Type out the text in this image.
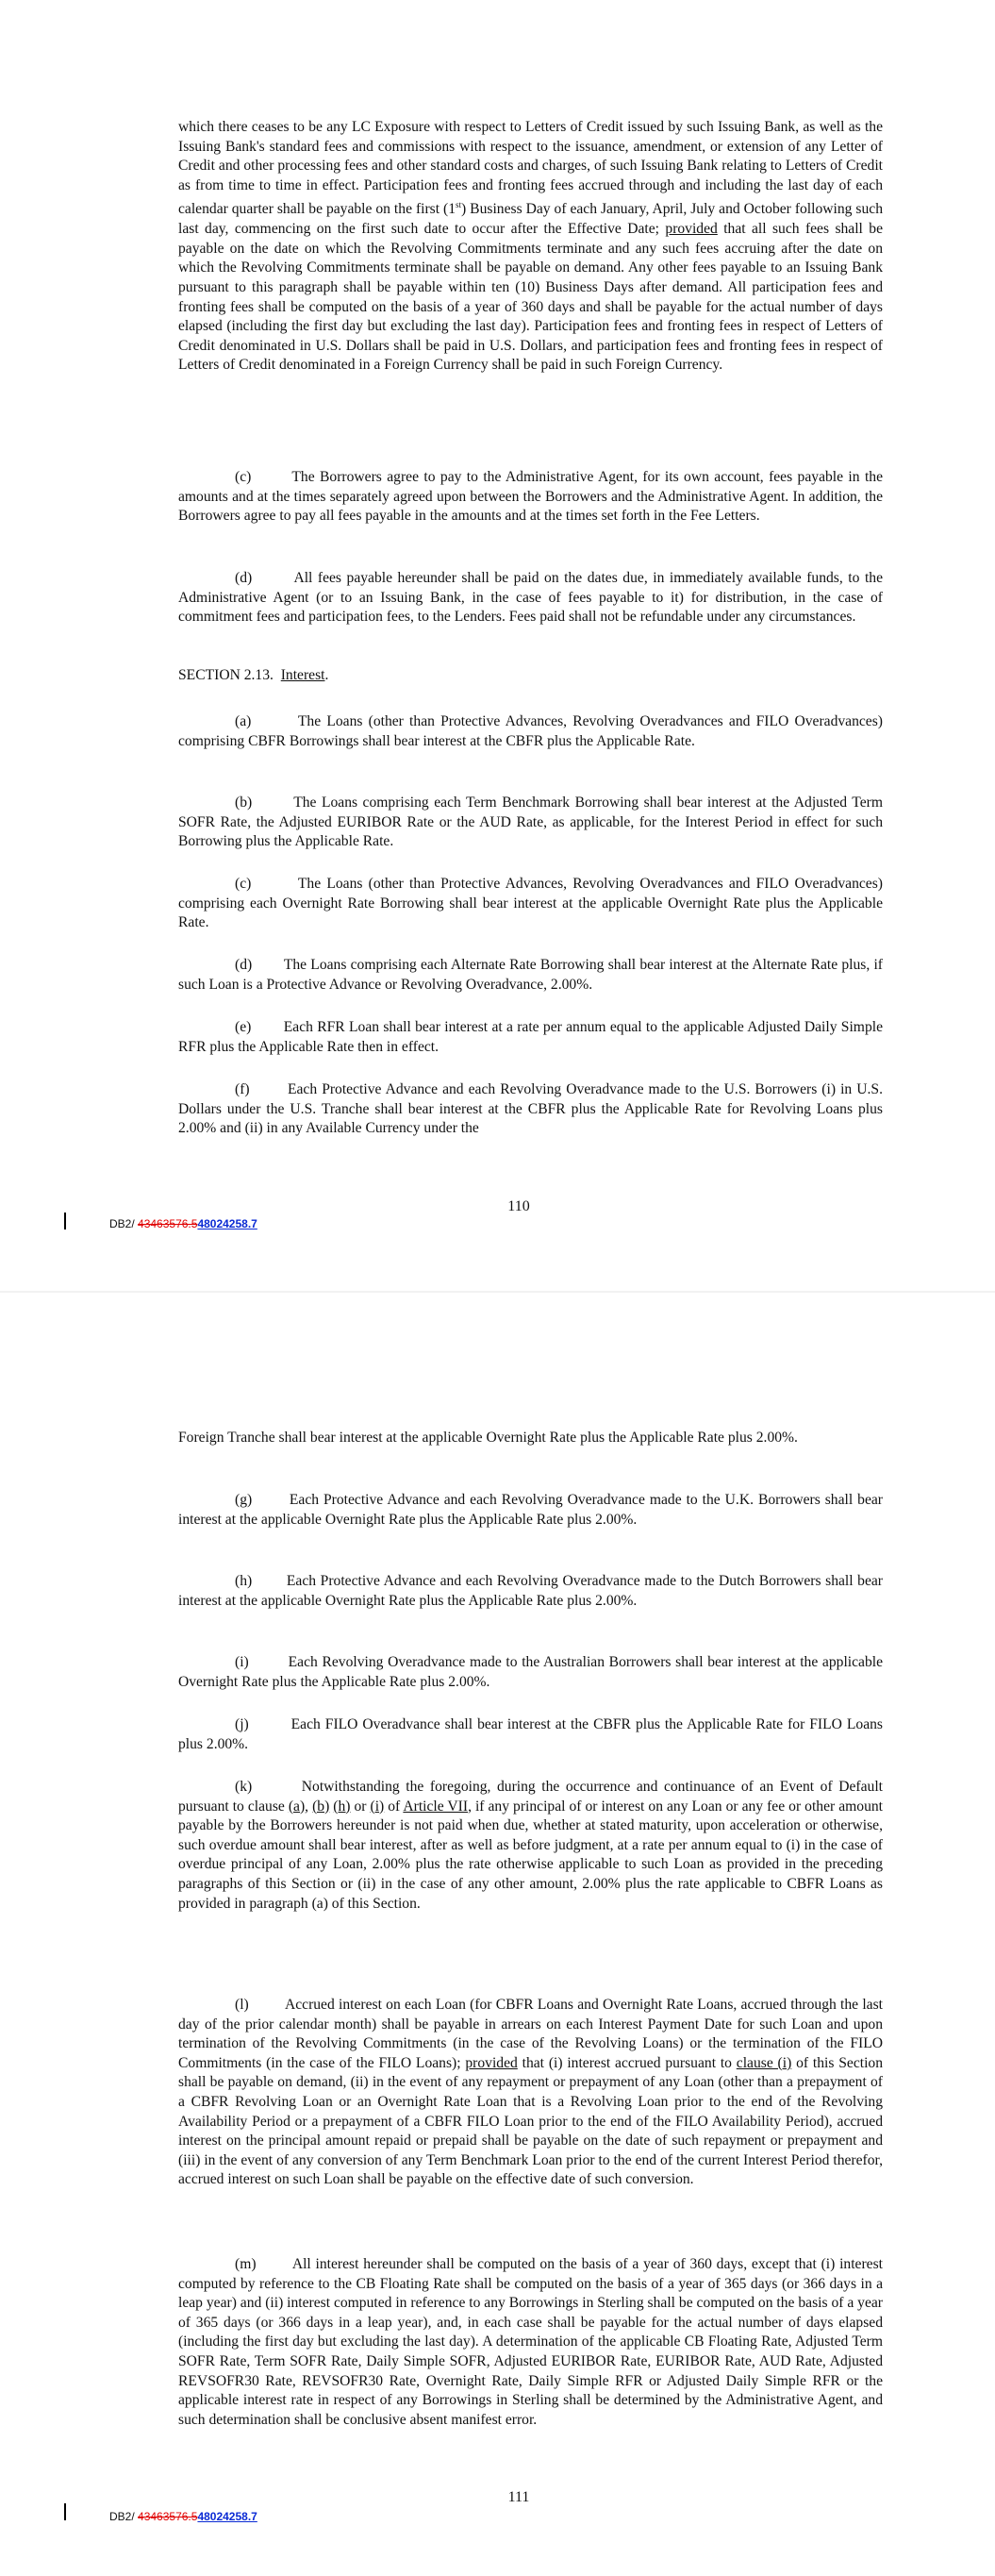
which there ceases to be any LC Exposure with respect to Letters of Credit issued by such Issuing Bank, as well as the Issuing Bank's standard fees and commissions with respect to the issuance, amendment, or extension of any Letter of Credit and other processing fees and other standard costs and charges, of such Issuing Bank relating to Letters of Credit as from time to time in effect. Participation fees and fronting fees accrued through and including the last day of each calendar quarter shall be payable on the first (1st) Business Day of each January, April, July and October following such last day, commencing on the first such date to occur after the Effective Date; provided that all such fees shall be payable on the date on which the Revolving Commitments terminate and any such fees accruing after the date on which the Revolving Commitments terminate shall be payable on demand. Any other fees payable to an Issuing Bank pursuant to this paragraph shall be payable within ten (10) Business Days after demand. All participation fees and fronting fees shall be computed on the basis of a year of 360 days and shall be payable for the actual number of days elapsed (including the first day but excluding the last day). Participation fees and fronting fees in respect of Letters of Credit denominated in U.S. Dollars shall be paid in U.S. Dollars, and participation fees and fronting fees in respect of Letters of Credit denominated in a Foreign Currency shall be paid in such Foreign Currency.

(c)        The Borrowers agree to pay to the Administrative Agent, for its own account, fees payable in the amounts and at the times separately agreed upon between the Borrowers and the Administrative Agent. In addition, the Borrowers agree to pay all fees payable in the amounts and at the times set forth in the Fee Letters.

(d)        All fees payable hereunder shall be paid on the dates due, in immediately available funds, to the Administrative Agent (or to an Issuing Bank, in the case of fees payable to it) for distribution, in the case of commitment fees and participation fees, to the Lenders. Fees paid shall not be refundable under any circumstances.

SECTION 2.13. Interest.

(a)        The Loans (other than Protective Advances, Revolving Overadvances and FILO Overadvances) comprising CBFR Borrowings shall bear interest at the CBFR plus the Applicable Rate.

(b)        The Loans comprising each Term Benchmark Borrowing shall bear interest at the Adjusted Term SOFR Rate, the Adjusted EURIBOR Rate or the AUD Rate, as applicable, for the Interest Period in effect for such Borrowing plus the Applicable Rate.

(c)        The Loans (other than Protective Advances, Revolving Overadvances and FILO Overadvances) comprising each Overnight Rate Borrowing shall bear interest at the applicable Overnight Rate plus the Applicable Rate.

(d)        The Loans comprising each Alternate Rate Borrowing shall bear interest at the Alternate Rate plus, if such Loan is a Protective Advance or Revolving Overadvance, 2.00%.

(e)        Each RFR Loan shall bear interest at a rate per annum equal to the applicable Adjusted Daily Simple RFR plus the Applicable Rate then in effect.

(f)        Each Protective Advance and each Revolving Overadvance made to the U.S. Borrowers (i) in U.S. Dollars under the U.S. Tranche shall bear interest at the CBFR plus the Applicable Rate for Revolving Loans plus 2.00% and (ii) in any Available Currency under the

110
DB2/ 43463576.548024258.7

Foreign Tranche shall bear interest at the applicable Overnight Rate plus the Applicable Rate plus 2.00%.

(g)        Each Protective Advance and each Revolving Overadvance made to the U.K. Borrowers shall bear interest at the applicable Overnight Rate plus the Applicable Rate plus 2.00%.

(h)        Each Protective Advance and each Revolving Overadvance made to the Dutch Borrowers shall bear interest at the applicable Overnight Rate plus the Applicable Rate plus 2.00%.

(i)         Each Revolving Overadvance made to the Australian Borrowers shall bear interest at the applicable Overnight Rate plus the Applicable Rate plus 2.00%.

(j)         Each FILO Overadvance shall bear interest at the CBFR plus the Applicable Rate for FILO Loans plus 2.00%.

(k)        Notwithstanding the foregoing, during the occurrence and continuance of an Event of Default pursuant to clause (a), (b) (h) or (i) of Article VII, if any principal of or interest on any Loan or any fee or other amount payable by the Borrowers hereunder is not paid when due, whether at stated maturity, upon acceleration or otherwise, such overdue amount shall bear interest, after as well as before judgment, at a rate per annum equal to (i) in the case of overdue principal of any Loan, 2.00% plus the rate otherwise applicable to such Loan as provided in the preceding paragraphs of this Section or (ii) in the case of any other amount, 2.00% plus the rate applicable to CBFR Loans as provided in paragraph (a) of this Section.

(l)         Accrued interest on each Loan (for CBFR Loans and Overnight Rate Loans, accrued through the last day of the prior calendar month) shall be payable in arrears on each Interest Payment Date for such Loan and upon termination of the Revolving Commitments (in the case of the Revolving Loans) or the termination of the FILO Commitments (in the case of the FILO Loans); provided that (i) interest accrued pursuant to clause (i) of this Section shall be payable on demand, (ii) in the event of any repayment or prepayment of any Loan (other than a prepayment of a CBFR Revolving Loan or an Overnight Rate Loan that is a Revolving Loan prior to the end of the Revolving Availability Period or a prepayment of a CBFR FILO Loan prior to the end of the FILO Availability Period), accrued interest on the principal amount repaid or prepaid shall be payable on the date of such repayment or prepayment and (iii) in the event of any conversion of any Term Benchmark Loan prior to the end of the current Interest Period therefor, accrued interest on such Loan shall be payable on the effective date of such conversion.

(m)        All interest hereunder shall be computed on the basis of a year of 360 days, except that (i) interest computed by reference to the CB Floating Rate shall be computed on the basis of a year of 365 days (or 366 days in a leap year) and (ii) interest computed in reference to any Borrowings in Sterling shall be computed on the basis of a year of 365 days (or 366 days in a leap year), and, in each case shall be payable for the actual number of days elapsed (including the first day but excluding the last day). A determination of the applicable CB Floating Rate, Adjusted Term SOFR Rate, Term SOFR Rate, Daily Simple SOFR, Adjusted EURIBOR Rate, EURIBOR Rate, AUD Rate, Adjusted REVSOFR30 Rate, REVSOFR30 Rate, Overnight Rate, Daily Simple RFR or Adjusted Daily Simple RFR or the applicable interest rate in respect of any Borrowings in Sterling shall be determined by the Administrative Agent, and such determination shall be conclusive absent manifest error.

111
DB2/ 43463576.548024258.7
